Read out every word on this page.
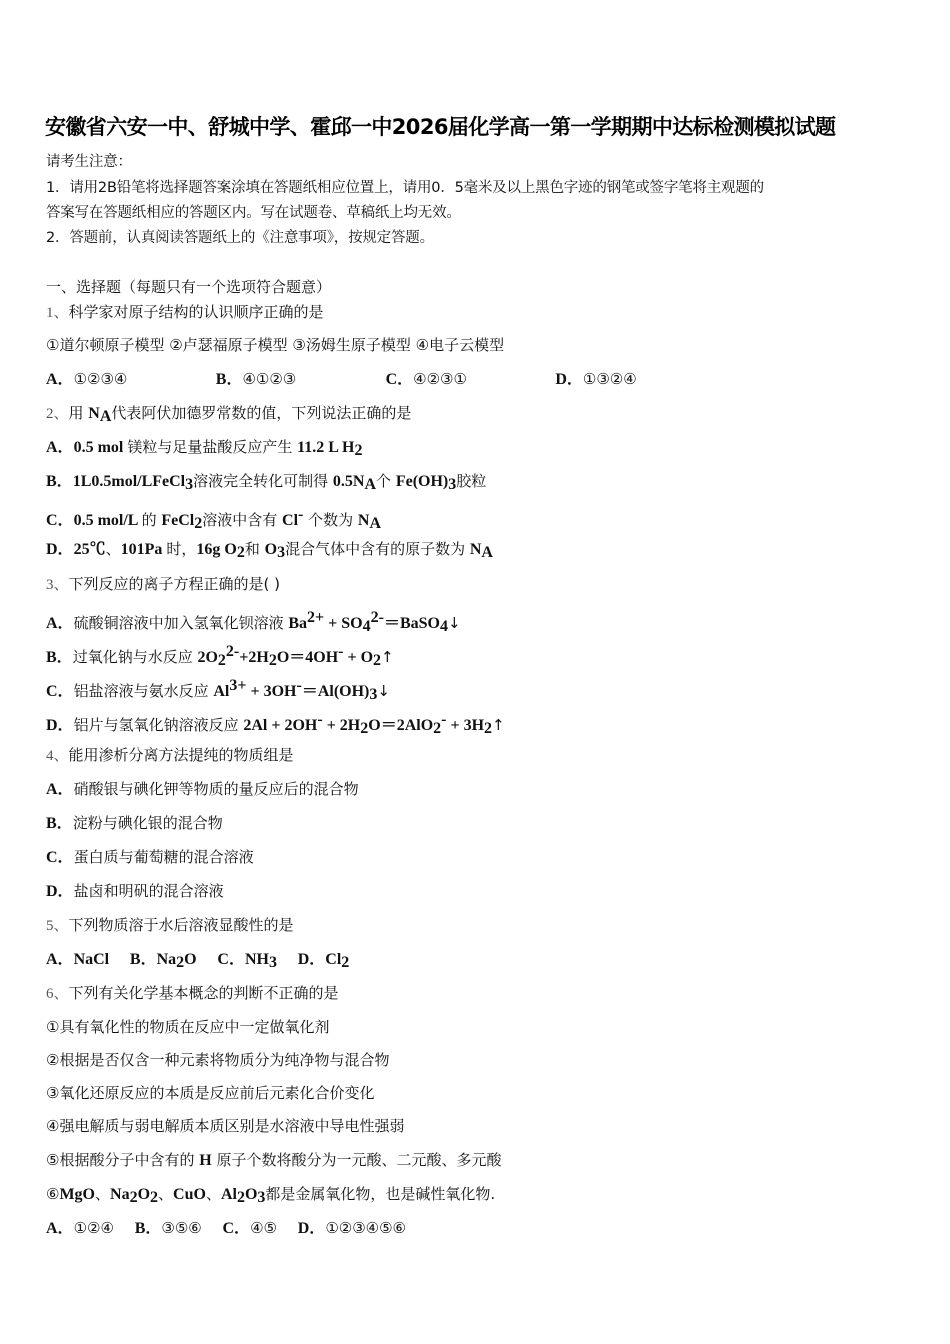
安徽省六安一中、舒城中学、霍邱一中2026届化学高一第一学期期中达标检测模拟试题
请考生注意：
1．请用2B铅笔将选择题答案涂填在答题纸相应位置上，请用0．5毫米及以上黑色字迹的钢笔或签字笔将主观题的
答案写在答题纸相应的答题区内。写在试题卷、草稿纸上均无效。
2．答题前，认真阅读答题纸上的《注意事项》，按规定答题。
一、选择题（每题只有一个选项符合题意）
1、科学家对原子结构的认识顺序正确的是
①道尔顿原子模型 ②卢瑟福原子模型 ③汤姆生原子模型 ④电子云模型
A．①②③④	B．④①②③	C．④②③①	D．①③②④
2、用 $N_A$代表阿伏加德罗常数的值，下列说法正确的是
A．0.5 mol 镁粒与足量盐酸反应产生 11.2 L $H_2$
B．1L0.5mol/LFeCl$_3$溶液完全转化可制得 $0.5N_A$个 $Fe(OH)_3$胶粒
C．0.5 mol/L 的 FeCl$_2$溶液中含有 Cl- 个数为 $N_A$
D．25℃、101Pa 时，16g $O_2$和 $O_3$混合气体中含有的原子数为 $N_A$
3、下列反应的离子方程正确的是( )
A．硫酸铜溶液中加入氢氧化钡溶液 $Ba^{2+}$ + $SO_4^{2-}=BaSO_4↓$
B．过氧化钠与水反应 $2O_2^{2-}+2H_2O=4OH^-$ + $O_2↑$
C．铝盐溶液与氨水反应 $Al^{3+}$ + $3OH^-=Al(OH)_3↓$
D．铝片与氢氧化钠溶液反应 $2Al + 2OH^- + 2H_2O=2AlO_2^-$ + $3H_2↑$
4、能用渗析分离方法提纯的物质组是
A．硝酸银与碘化钾等物质的量反应后的混合物
B．淀粉与碘化银的混合物
C．蛋白质与葡萄糖的混合溶液
D．盐卤和明矾的混合溶液
5、下列物质溶于水后溶液显酸性的是
A．NaCl B．$Na_2O$ C．$NH_3$ D．$Cl_2$
6、下列有关化学基本概念的判断不正确的是
①具有氧化性的物质在反应中一定做氧化剂
②根据是否仅含一种元素将物质分为纯净物与混合物
③氧化还原反应的本质是反应前后元素化合价变化
④强电解质与弱电解质本质区别是水溶液中导电性强弱
⑤根据酸分子中含有的 H 原子个数将酸分为一元酸、二元酸、多元酸
⑥MgO、$Na_2O_2$、CuO、$Al_2O_3$都是金属氧化物，也是碱性氧化物.
A．①②④ B．③⑤⑥ C．④⑤ D．①②③④⑤⑥
